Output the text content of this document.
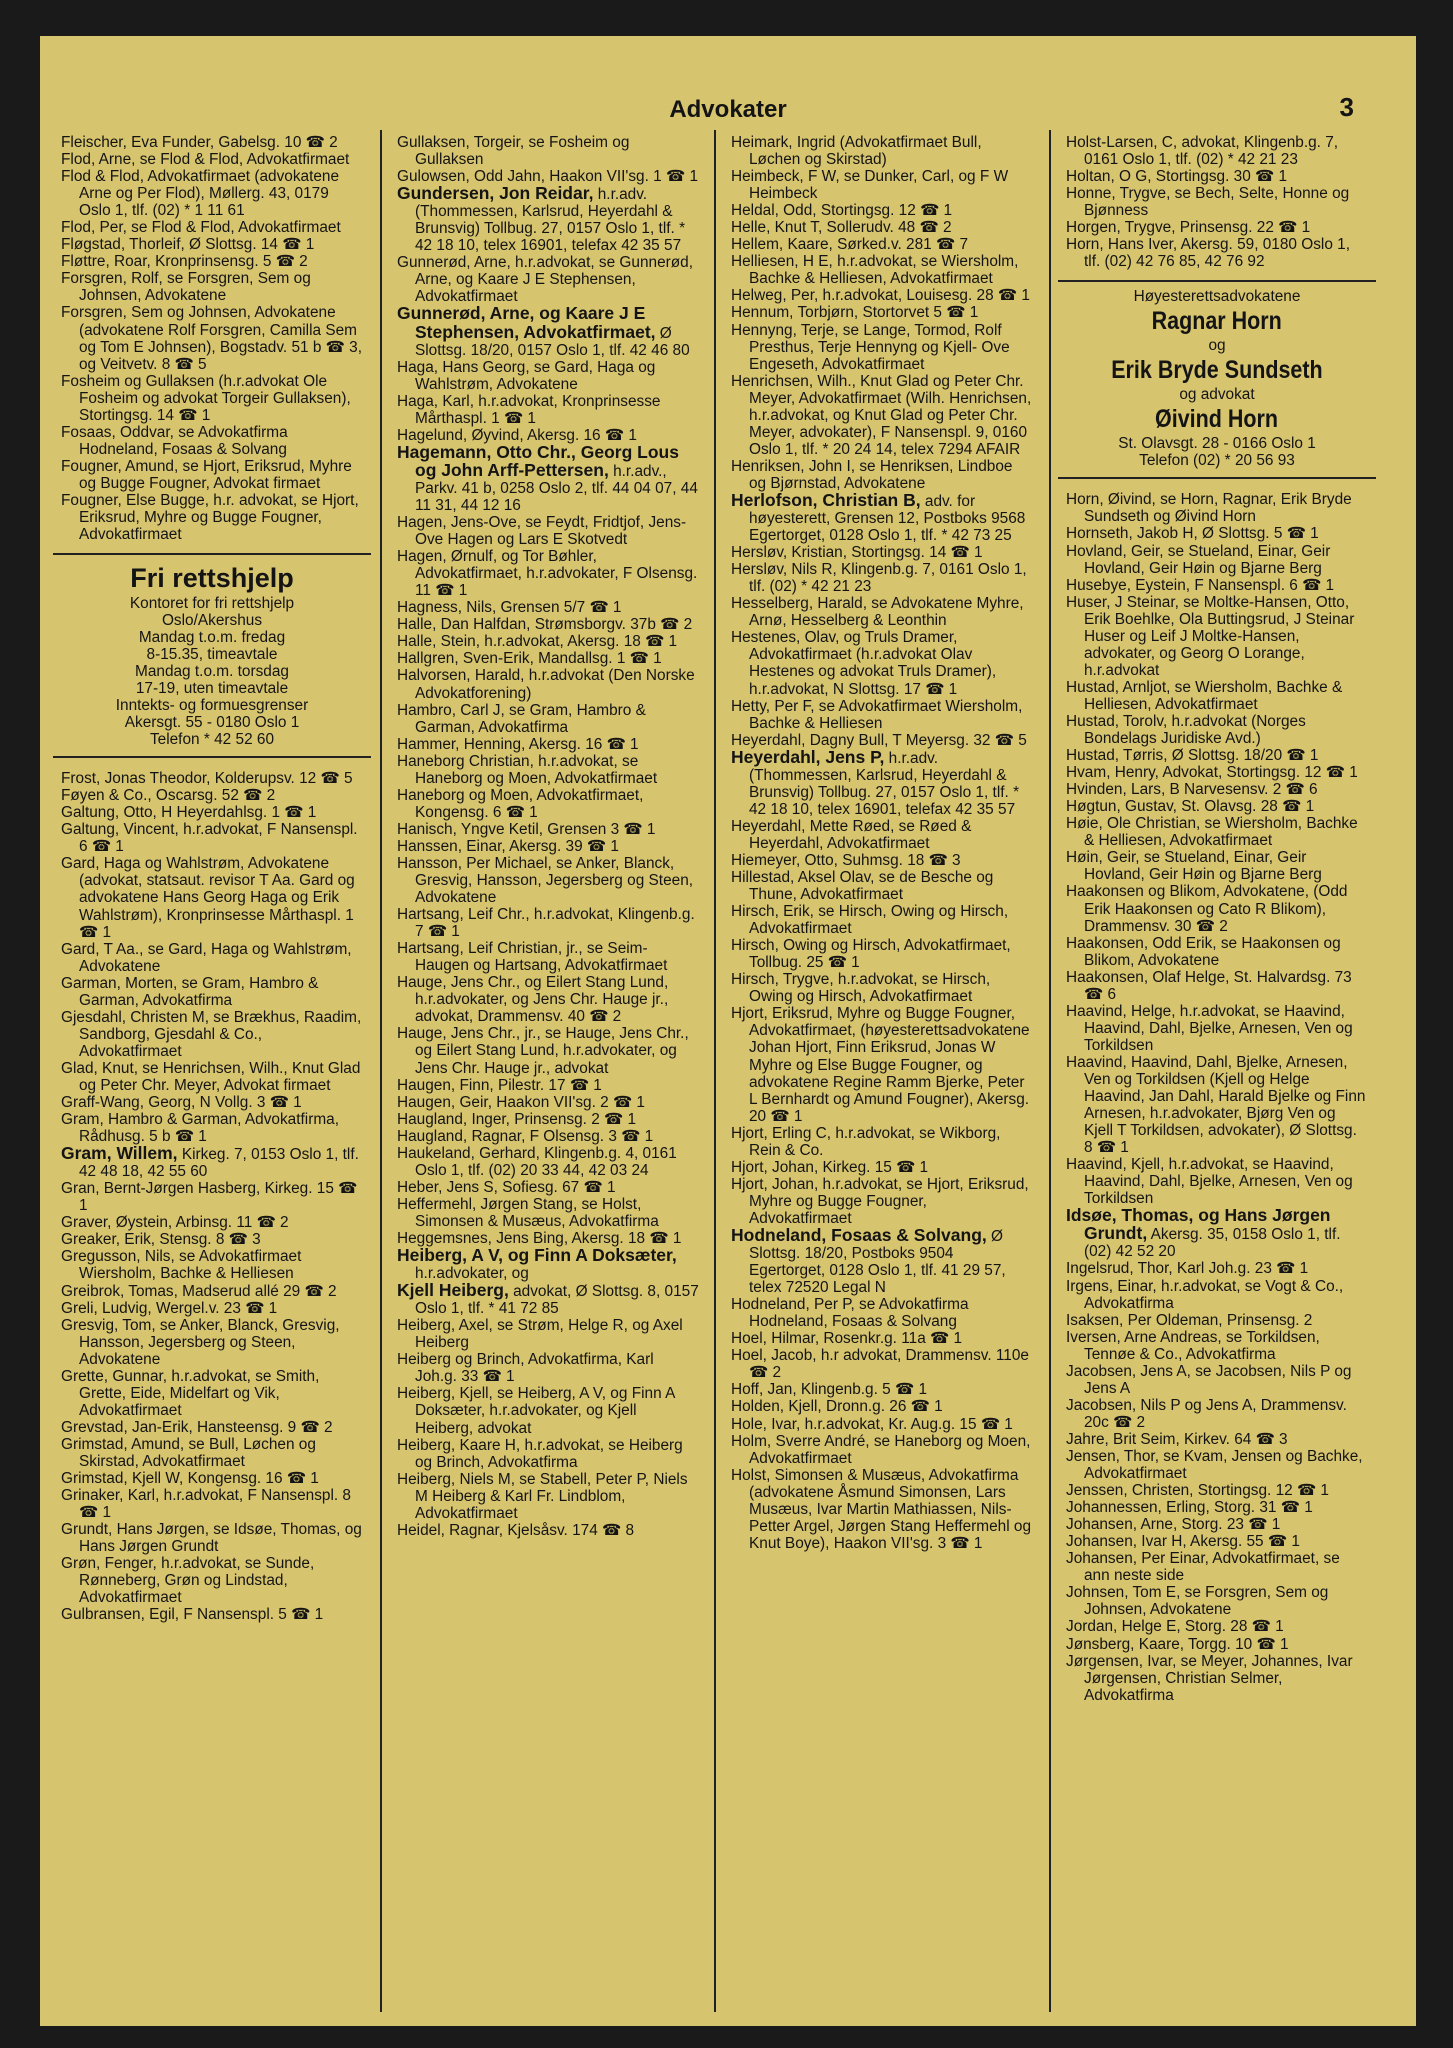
Advokater	3

Fleischer, Eva Funder, Gabelsg. 10 ☎ 2

Flod, Arne, se Flod & Flod, Advokatfirmaet

Flod & Flod, Advokatfirmaet (advokatene Arne og Per Flod), Møllerg. 43, 0179 Oslo 1, tlf. (02) * 1 11 61

Flod, Per, se Flod & Flod, Advokatfirmaet

Fløgstad, Thorleif, Ø Slottsg. 14 ☎ 1

Fløttre, Roar, Kronprinsensg. 5 ☎ 2

Forsgren, Rolf, se Forsgren, Sem og Johnsen, Advokatene

Forsgren, Sem og Johnsen, Advokatene (advokatene Rolf Forsgren, Camilla Sem og Tom E Johnsen), Bogstadv. 51 b ☎ 3, og Veitvetv. 8 ☎ 5

Fosheim og Gullaksen (h.r.advokat Ole Fosheim og advokat Torgeir Gullaksen), Stortingsg. 14 ☎ 1

Fosaas, Oddvar, se Advokatfirma Hodneland, Fosaas & Solvang

Fougner, Amund, se Hjort, Eriksrud, Myhre og Bugge Fougner, Advokat firmaet

Fougner, Else Bugge, h.r. advokat, se Hjort, Eriksrud, Myhre og Bugge Fougner, Advokatfirmaet

Fri rettshjelp

Kontoret for fri rettshjelp

Oslo/Akershus

Mandag t.o.m. fredag

8-15.35, timeavtale

Mandag t.o.m. torsdag

17-19, uten timeavtale

Inntekts- og formuesgrenser

Akersgt. 55 - 0180 Oslo 1

Telefon * 42 52 60

Frost, Jonas Theodor, Kolderupsv. 12 ☎ 5

Føyen & Co., Oscarsg. 52 ☎ 2

Galtung, Otto, H Heyerdahlsg. 1 ☎ 1

Galtung, Vincent, h.r.advokat, F Nansenspl. 6 ☎ 1

Gard, Haga og Wahlstrøm, Advokatene (advokat, statsaut. revisor T Aa. Gard og advokatene Hans Georg Haga og Erik Wahlstrøm), Kronprinsesse Mårthaspl. 1 ☎ 1

Gard, T Aa., se Gard, Haga og Wahlstrøm, Advokatene

Garman, Morten, se Gram, Hambro & Garman, Advokatfirma

Gjesdahl, Christen M, se Brækhus, Raadim, Sandborg, Gjesdahl & Co., Advokatfirmaet

Glad, Knut, se Henrichsen, Wilh., Knut Glad og Peter Chr. Meyer, Advokat firmaet

Graff-Wang, Georg, N Vollg. 3 ☎ 1

Gram, Hambro & Garman, Advokatfirma, Rådhusg. 5 b ☎ 1

Gram, Willem, Kirkeg. 7, 0153 Oslo 1, tlf. 42 48 18, 42 55 60

Gran, Bernt-Jørgen Hasberg, Kirkeg. 15 ☎ 1

Graver, Øystein, Arbinsg. 11 ☎ 2

Greaker, Erik, Stensg. 8 ☎ 3

Gregusson, Nils, se Advokatfirmaet Wiersholm, Bachke & Helliesen

Greibrok, Tomas, Madserud allé 29 ☎ 2

Greli, Ludvig, Wergel.v. 23 ☎ 1

Gresvig, Tom, se Anker, Blanck, Gresvig, Hansson, Jegersberg og Steen, Advokatene

Grette, Gunnar, h.r.advokat, se Smith, Grette, Eide, Midelfart og Vik, Advokatfirmaet

Grevstad, Jan-Erik, Hansteensg. 9 ☎ 2

Grimstad, Amund, se Bull, Løchen og Skirstad, Advokatfirmaet

Grimstad, Kjell W, Kongensg. 16 ☎ 1

Grinaker, Karl, h.r.advokat, F Nansenspl. 8 ☎ 1

Grundt, Hans Jørgen, se Idsøe, Thomas, og Hans Jørgen Grundt

Grøn, Fenger, h.r.advokat, se Sunde, Rønneberg, Grøn og Lindstad, Advokatfirmaet

Gulbransen, Egil, F Nansenspl. 5 ☎ 1

Gullaksen, Torgeir, se Fosheim og Gullaksen

Gulowsen, Odd Jahn, Haakon VII'sg. 1 ☎ 1

Gundersen, Jon Reidar, h.r.adv. (Thommessen, Karlsrud, Heyerdahl & Brunsvig) Tollbug. 27, 0157 Oslo 1, tlf. * 42 18 10, telex 16901, telefax 42 35 57

Gunnerød, Arne, h.r.advokat, se Gunnerød, Arne, og Kaare J E Stephensen, Advokatfirmaet

Gunnerød, Arne, og Kaare J E Stephensen, Advokatfirmaet, Ø Slottsg. 18/20, 0157 Oslo 1, tlf. 42 46 80

Haga, Hans Georg, se Gard, Haga og Wahlstrøm, Advokatene

Haga, Karl, h.r.advokat, Kronprinsesse Mårthaspl. 1 ☎ 1

Hagelund, Øyvind, Akersg. 16 ☎ 1

Hagemann, Otto Chr., Georg Lous og John Arff-Pettersen, h.r.adv., Parkv. 41 b, 0258 Oslo 2, tlf. 44 04 07, 44 11 31, 44 12 16

Hagen, Jens-Ove, se Feydt, Fridtjof, Jens-Ove Hagen og Lars E Skotvedt

Hagen, Ørnulf, og Tor Bøhler, Advokatfirmaet, h.r.advokater, F Olsensg. 11 ☎ 1

Hagness, Nils, Grensen 5/7 ☎ 1

Halle, Dan Halfdan, Strømsborgv. 37b ☎ 2

Halle, Stein, h.r.advokat, Akersg. 18 ☎ 1

Hallgren, Sven-Erik, Mandallsg. 1 ☎ 1

Halvorsen, Harald, h.r.advokat (Den Norske Advokatforening)

Hambro, Carl J, se Gram, Hambro & Garman, Advokatfirma

Hammer, Henning, Akersg. 16 ☎ 1

Haneborg Christian, h.r.advokat, se Haneborg og Moen, Advokatfirmaet

Haneborg og Moen, Advokatfirmaet, Kongensg. 6 ☎ 1

Hanisch, Yngve Ketil, Grensen 3 ☎ 1

Hanssen, Einar, Akersg. 39 ☎ 1

Hansson, Per Michael, se Anker, Blanck, Gresvig, Hansson, Jegersberg og Steen, Advokatene

Hartsang, Leif Chr., h.r.advokat, Klingenb.g. 7 ☎ 1

Hartsang, Leif Christian, jr., se Seim-Haugen og Hartsang, Advokatfirmaet

Hauge, Jens Chr., og Eilert Stang Lund, h.r.advokater, og Jens Chr. Hauge jr., advokat, Drammensv. 40 ☎ 2

Hauge, Jens Chr., jr., se Hauge, Jens Chr., og Eilert Stang Lund, h.r.advokater, og Jens Chr. Hauge jr., advokat

Haugen, Finn, Pilestr. 17 ☎ 1

Haugen, Geir, Haakon VII'sg. 2 ☎ 1

Haugland, Inger, Prinsensg. 2 ☎ 1

Haugland, Ragnar, F Olsensg. 3 ☎ 1

Haukeland, Gerhard, Klingenb.g. 4, 0161 Oslo 1, tlf. (02) 20 33 44, 42 03 24

Heber, Jens S, Sofiesg. 67 ☎ 1

Heffermehl, Jørgen Stang, se Holst, Simonsen & Musæus, Advokatfirma

Heggemsnes, Jens Bing, Akersg. 18 ☎ 1

Heiberg, A V, og Finn A Doksæter, h.r.advokater, og

Kjell Heiberg, advokat, Ø Slottsg. 8, 0157 Oslo 1, tlf. * 41 72 85

Heiberg, Axel, se Strøm, Helge R, og Axel Heiberg

Heiberg og Brinch, Advokatfirma, Karl Joh.g. 33 ☎ 1

Heiberg, Kjell, se Heiberg, A V, og Finn A Doksæter, h.r.advokater, og Kjell Heiberg, advokat

Heiberg, Kaare H, h.r.advokat, se Heiberg og Brinch, Advokatfirma

Heiberg, Niels M, se Stabell, Peter P, Niels M Heiberg & Karl Fr. Lindblom, Advokatfirmaet

Heidel, Ragnar, Kjelsåsv. 174 ☎ 8

Heimark, Ingrid (Advokatfirmaet Bull, Løchen og Skirstad)

Heimbeck, F W, se Dunker, Carl, og F W Heimbeck

Heldal, Odd, Stortingsg. 12 ☎ 1

Helle, Knut T, Sollerudv. 48 ☎ 2

Hellem, Kaare, Sørked.v. 281 ☎ 7

Helliesen, H E, h.r.advokat, se Wiersholm, Bachke & Helliesen, Advokatfirmaet

Helweg, Per, h.r.advokat, Louisesg. 28 ☎ 1

Hennum, Torbjørn, Stortorvet 5 ☎ 1

Hennyng, Terje, se Lange, Tormod, Rolf Presthus, Terje Hennyng og Kjell- Ove Engeseth, Advokatfirmaet

Henrichsen, Wilh., Knut Glad og Peter Chr. Meyer, Advokatfirmaet (Wilh. Henrichsen, h.r.advokat, og Knut Glad og Peter Chr. Meyer, advokater), F Nansenspl. 9, 0160 Oslo 1, tlf. * 20 24 14, telex 7294 AFAIR

Henriksen, John I, se Henriksen, Lindboe og Bjørnstad, Advokatene

Herlofson, Christian B, adv. for høyesterett, Grensen 12, Postboks 9568 Egertorget, 0128 Oslo 1, tlf. * 42 73 25

Hersløv, Kristian, Stortingsg. 14 ☎ 1

Hersløv, Nils R, Klingenb.g. 7, 0161 Oslo 1, tlf. (02) * 42 21 23

Hesselberg, Harald, se Advokatene Myhre, Arnø, Hesselberg & Leonthin

Hestenes, Olav, og Truls Dramer, Advokatfirmaet (h.r.advokat Olav Hestenes og advokat Truls Dramer), h.r.advokat, N Slottsg. 17 ☎ 1

Hetty, Per F, se Advokatfirmaet Wiersholm, Bachke & Helliesen

Heyerdahl, Dagny Bull, T Meyersg. 32 ☎ 5

Heyerdahl, Jens P, h.r.adv. (Thommessen, Karlsrud, Heyerdahl & Brunsvig) Tollbug. 27, 0157 Oslo 1, tlf. * 42 18 10, telex 16901, telefax 42 35 57

Heyerdahl, Mette Røed, se Røed & Heyerdahl, Advokatfirmaet

Hiemeyer, Otto, Suhmsg. 18 ☎ 3

Hillestad, Aksel Olav, se de Besche og Thune, Advokatfirmaet

Hirsch, Erik, se Hirsch, Owing og Hirsch, Advokatfirmaet

Hirsch, Owing og Hirsch, Advokatfirmaet, Tollbug. 25 ☎ 1

Hirsch, Trygve, h.r.advokat, se Hirsch, Owing og Hirsch, Advokatfirmaet

Hjort, Eriksrud, Myhre og Bugge Fougner, Advokatfirmaet, (høyesterettsadvokatene Johan Hjort, Finn Eriksrud, Jonas W Myhre og Else Bugge Fougner, og advokatene Regine Ramm Bjerke, Peter L Bernhardt og Amund Fougner), Akersg. 20 ☎ 1

Hjort, Erling C, h.r.advokat, se Wikborg, Rein & Co.

Hjort, Johan, Kirkeg. 15 ☎ 1

Hjort, Johan, h.r.advokat, se Hjort, Eriksrud, Myhre og Bugge Fougner, Advokatfirmaet

Hodneland, Fosaas & Solvang, Ø Slottsg. 18/20, Postboks 9504 Egertorget, 0128 Oslo 1, tlf. 41 29 57, telex 72520 Legal N

Hodneland, Per P, se Advokatfirma Hodneland, Fosaas & Solvang

Hoel, Hilmar, Rosenkr.g. 11a ☎ 1

Hoel, Jacob, h.r advokat, Drammensv. 110e ☎ 2

Hoff, Jan, Klingenb.g. 5 ☎ 1

Holden, Kjell, Dronn.g. 26 ☎ 1

Hole, Ivar, h.r.advokat, Kr. Aug.g. 15 ☎ 1

Holm, Sverre André, se Haneborg og Moen, Advokatfirmaet

Holst, Simonsen & Musæus, Advokatfirma (advokatene Åsmund Simonsen, Lars Musæus, Ivar Martin Mathiassen, Nils- Petter Argel, Jørgen Stang Heffermehl og Knut Boye), Haakon VII'sg. 3 ☎ 1

Holst-Larsen, C, advokat, Klingenb.g. 7, 0161 Oslo 1, tlf. (02) * 42 21 23

Holtan, O G, Stortingsg. 30 ☎ 1

Honne, Trygve, se Bech, Selte, Honne og Bjønness

Horgen, Trygve, Prinsensg. 22 ☎ 1

Horn, Hans Iver, Akersg. 59, 0180 Oslo 1, tlf. (02) 42 76 85, 42 76 92

Høyesterettsadvokatene

Ragnar Horn

og

Erik Bryde Sundseth

og advokat

Øivind Horn

St. Olavsgt. 28 - 0166 Oslo 1

Telefon (02) * 20 56 93

Horn, Øivind, se Horn, Ragnar, Erik Bryde Sundseth og Øivind Horn

Hornseth, Jakob H, Ø Slottsg. 5 ☎ 1

Hovland, Geir, se Stueland, Einar, Geir Hovland, Geir Høin og Bjarne Berg

Husebye, Eystein, F Nansenspl. 6 ☎ 1

Huser, J Steinar, se Moltke-Hansen, Otto, Erik Boehlke, Ola Buttingsrud, J Steinar Huser og Leif J Moltke-Hansen, advokater, og Georg O Lorange, h.r.advokat

Hustad, Arnljot, se Wiersholm, Bachke & Helliesen, Advokatfirmaet

Hustad, Torolv, h.r.advokat (Norges Bondelags Juridiske Avd.)

Hustad, Tørris, Ø Slottsg. 18/20 ☎ 1

Hvam, Henry, Advokat, Stortingsg. 12 ☎ 1

Hvinden, Lars, B Narvesensv. 2 ☎ 6

Høgtun, Gustav, St. Olavsg. 28 ☎ 1

Høie, Ole Christian, se Wiersholm, Bachke & Helliesen, Advokatfirmaet

Høin, Geir, se Stueland, Einar, Geir Hovland, Geir Høin og Bjarne Berg

Haakonsen og Blikom, Advokatene, (Odd Erik Haakonsen og Cato R Blikom), Drammensv. 30 ☎ 2

Haakonsen, Odd Erik, se Haakonsen og Blikom, Advokatene

Haakonsen, Olaf Helge, St. Halvardsg. 73 ☎ 6

Haavind, Helge, h.r.advokat, se Haavind, Haavind, Dahl, Bjelke, Arnesen, Ven og Torkildsen

Haavind, Haavind, Dahl, Bjelke, Arnesen, Ven og Torkildsen (Kjell og Helge Haavind, Jan Dahl, Harald Bjelke og Finn Arnesen, h.r.advokater, Bjørg Ven og Kjell T Torkildsen, advokater), Ø Slottsg. 8 ☎ 1

Haavind, Kjell, h.r.advokat, se Haavind, Haavind, Dahl, Bjelke, Arnesen, Ven og Torkildsen

Idsøe, Thomas, og Hans Jørgen Grundt, Akersg. 35, 0158 Oslo 1, tlf. (02) 42 52 20

Ingelsrud, Thor, Karl Joh.g. 23 ☎ 1

Irgens, Einar, h.r.advokat, se Vogt & Co., Advokatfirma

Isaksen, Per Oldeman, Prinsensg. 2

Iversen, Arne Andreas, se Torkildsen, Tennøe & Co., Advokatfirma

Jacobsen, Jens A, se Jacobsen, Nils P og Jens A

Jacobsen, Nils P og Jens A, Drammensv. 20c ☎ 2

Jahre, Brit Seim, Kirkev. 64 ☎ 3

Jensen, Thor, se Kvam, Jensen og Bachke, Advokatfirmaet

Jenssen, Christen, Stortingsg. 12 ☎ 1

Johannessen, Erling, Storg. 31 ☎ 1

Johansen, Arne, Storg. 23 ☎ 1

Johansen, Ivar H, Akersg. 55 ☎ 1

Johansen, Per Einar, Advokatfirmaet, se ann neste side

Johnsen, Tom E, se Forsgren, Sem og Johnsen, Advokatene

Jordan, Helge E, Storg. 28 ☎ 1

Jønsberg, Kaare, Torgg. 10 ☎ 1

Jørgensen, Ivar, se Meyer, Johannes, Ivar Jørgensen, Christian Selmer, Advokatfirma
